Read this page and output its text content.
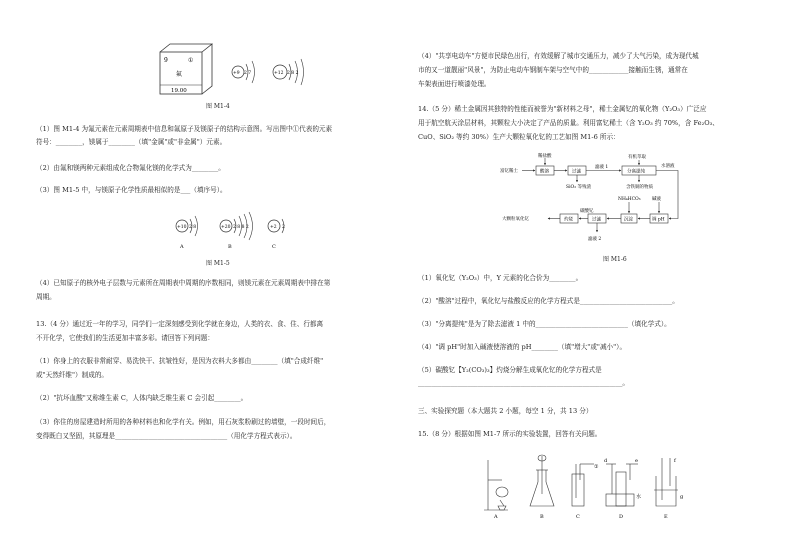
9	①
氟
19.00
+9 2 7	+12 2 8 2
图 M1-4
（1）图 M1-4 为氟元素在元素周期表中信息和氟原子及镁原子的结构示意图。写出图中①代表的元素
符号：________，镁属于________（填"金属"或"非金属"）元素。
（2）由氟和镁两种元素组成化合物氟化镁的化学式为________。
（3）图 M1-5 中，与镁原子化学性质最相似的是___（填序号）。
+10 2 8	+20 2 8 8 2	+2 2
A	B	C
图 M1-5
（4）已知原子的核外电子层数与元素所在周期表中周期的序数相同，则镁元素在元素周期表中排在第
周期。
13.（4 分）通过近一年的学习，同学们一定深刻感受到化学就在身边，人类的衣、食、住、行都离
不开化学，它使我们的生活更加丰富多彩。请回答下列问题：
（1）你身上的衣服非常耐穿、易洗快干、抗皱性好，是因为衣料大多都由________（填"合成纤维"
或"天然纤维"）制成的。
（2）"抗坏血酸"又称维生素 C，人体内缺乏维生素 C 会引起________。
（3）你住的房屋建造时所用的各种材料也和化学有关。例如，用石灰浆粉刷过的墙壁，一段时间后，
变得既白又坚固，其原理是__________________________________（用化学方程式表示）。
（4）"共享电动车"方便市民绿色出行，有效缓解了城市交通压力，减少了大气污染，成为现代城
市的又一道靓丽"风景"，为防止电动车钢制车架与空气中的____________接触而生锈，通常在
车架表面进行喷漆处理。
14.（5 分）稀土金属因其独特的性能而被誉为"新材料之母"，稀土金属钇的氧化物（Y₂O₃）广泛应
用于航空航天涂层材料，其颗粒大小决定了产品的质量。利用富钇稀土（含 Y₂O₃ 约 70%，含 Fe₂O₃、
CuO、SiO₂ 等约 30%）生产大颗粒氧化钇的工艺如图 M1-6 所示：
稀盐酸
富钇稀土	酸溶	过滤
滤液 1
有机萃取
分离提纯
水溶液
SiO₂ 等残渣	含铁铜的物质
NH₄HCO₃	碱液
大颗粒氧化钇	灼烧
碳酸钇
过滤	沉淀	调 pH
滤液 2
图 M1-6
（1）氧化钇（Y₂O₃）中，Y 元素的化合价为________。
（2）"酸溶"过程中，氧化钇与盐酸反应的化学方程式是____________________________。
（3）"分离提纯"是为了除去滤液 1 中的____________________________（填化学式）。
（4）"调 pH"时加入碱液使溶液的 pH________（填"增大"或"减小"）。
（5）碳酸钇【Y₂(CO₃)₃】灼烧分解生成氧化钇的化学方程式是
______________________________________________________________。
三、实验探究题（本大题共 2 小题，每空 1 分，共 13 分）
15.（8 分）根据如图 M1-7 所示的实验装置，回答有关问题。
①
d	e
水
f
g
A	B	C	D	E
